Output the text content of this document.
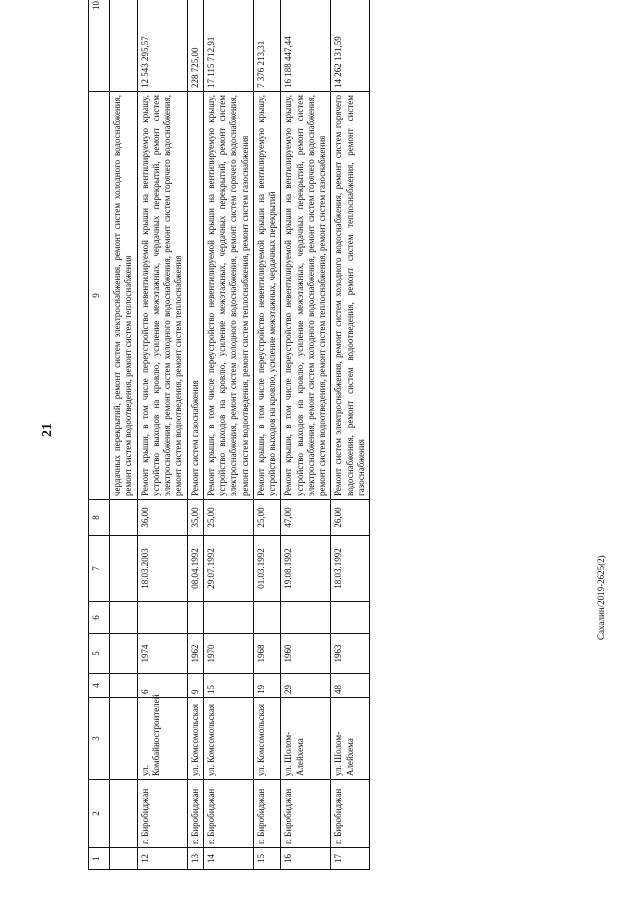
21
Сахалин/2019-2625(2)
1	2	3	4	5	6	7	8	9	10
								чердачных перекрытий, ремонт систем электроснабжения, ремонт систем холодного водоснабжения, ремонт систем водоотведения, ремонт систем теплоснабжения	
12	г. Биробиджан	ул. Комбайностроителей	6	1974		18.03.2003	36,00	Ремонт крыши, в том числе переустройство невентилируемой крыши на вентилируемую крышу, устройство выходов на кровлю, усиление межэтажных, чердачных перекрытий, ремонт систем электроснабжения, ремонт систем холодного водоснабжения, ремонт систем горячего водоснабжения, ремонт систем водоотведения, ремонт систем теплоснабжения	12 543 295,57
13	г. Биробиджан	ул. Комсомольская	9	1962		08.04.1992	35,00	Ремонт систем газоснабжения	228 725,00
14	г. Биробиджан	ул. Комсомольская	15	1970		29.07.1992	25,00	Ремонт крыши, в том числе переустройство невентилируемой крыши на вентилируемую крышу, устройство выходов на кровлю, усиление межэтажных, чердачных перекрытий, ремонт систем электроснабжения, ремонт систем холодного водоснабжения, ремонт систем горячего водоснабжения, ремонт систем водоотведения, ремонт систем теплоснабжения, ремонт систем газоснабжения	17 115 712,91
15	г. Биробиджан	ул. Комсомольская	19	1968		01.03.1992	25,00	Ремонт крыши, в том числе переустройство невентилируемой крыши на вентилируемую крышу, устройство выходов на кровлю, усиление межэтажных, чердачных перекрытий	7 376 213,31
16	г. Биробиджан	ул. Шолом-Алейхема	29	1960		19.08.1992	47,00	Ремонт крыши, в том числе переустройство невентилируемой крыши на вентилируемую крышу, устройство выходов на кровлю, усиление межэтажных, чердачных перекрытий, ремонт систем электроснабжения, ремонт систем холодного водоснабжения, ремонт систем горячего водоснабжения, ремонт систем водоотведения, ремонт систем теплоснабжения, ремонт систем газоснабжения	16 188 447,44
17	г. Биробиджан	ул. Шолом-Алейхема	48	1963		18.03.1992	26,00	Ремонт систем электроснабжения, ремонт систем холодного водоснабжения, ремонт систем горячего водоснабжения, ремонт систем водоотведения, ремонт систем теплоснабжения, ремонт систем газоснабжения	14 262 131,59
